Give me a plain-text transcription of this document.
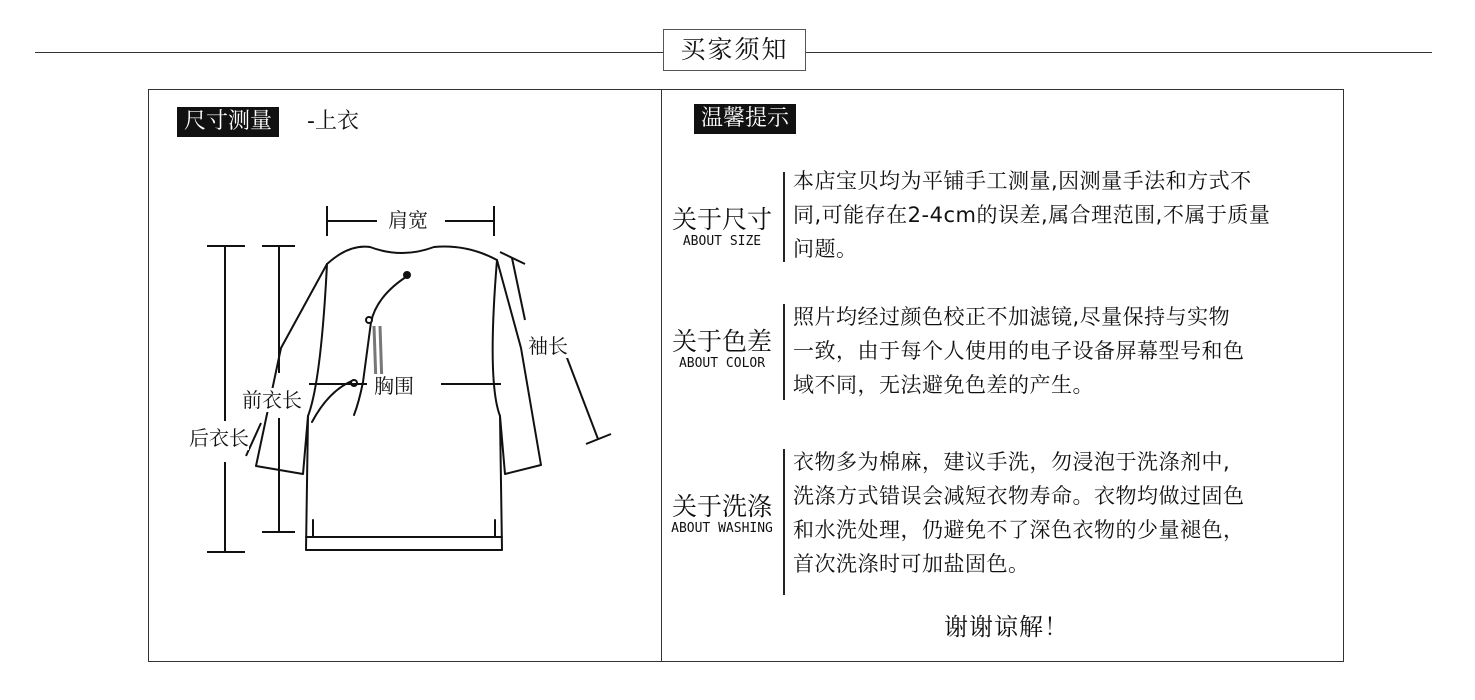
买家须知
尺寸测量	-上衣
肩宽
袖长
胸围
前衣长
后衣长
温馨提示
关于尺寸
ABOUT SIZE
本店宝贝均为平铺手工测量,因测量手法和方式不
同,可能存在2-4cm的误差,属合理范围,不属于质量
问题。
关于色差
ABOUT COLOR
照片均经过颜色校正不加滤镜,尽量保持与实物
一致，由于每个人使用的电子设备屏幕型号和色
域不同，无法避免色差的产生。
关于洗涤
ABOUT WASHING
衣物多为棉麻，建议手洗，勿浸泡于洗涤剂中,
洗涤方式错误会减短衣物寿命。衣物均做过固色
和水洗处理，仍避免不了深色衣物的少量褪色，
首次洗涤时可加盐固色。
谢谢谅解！
